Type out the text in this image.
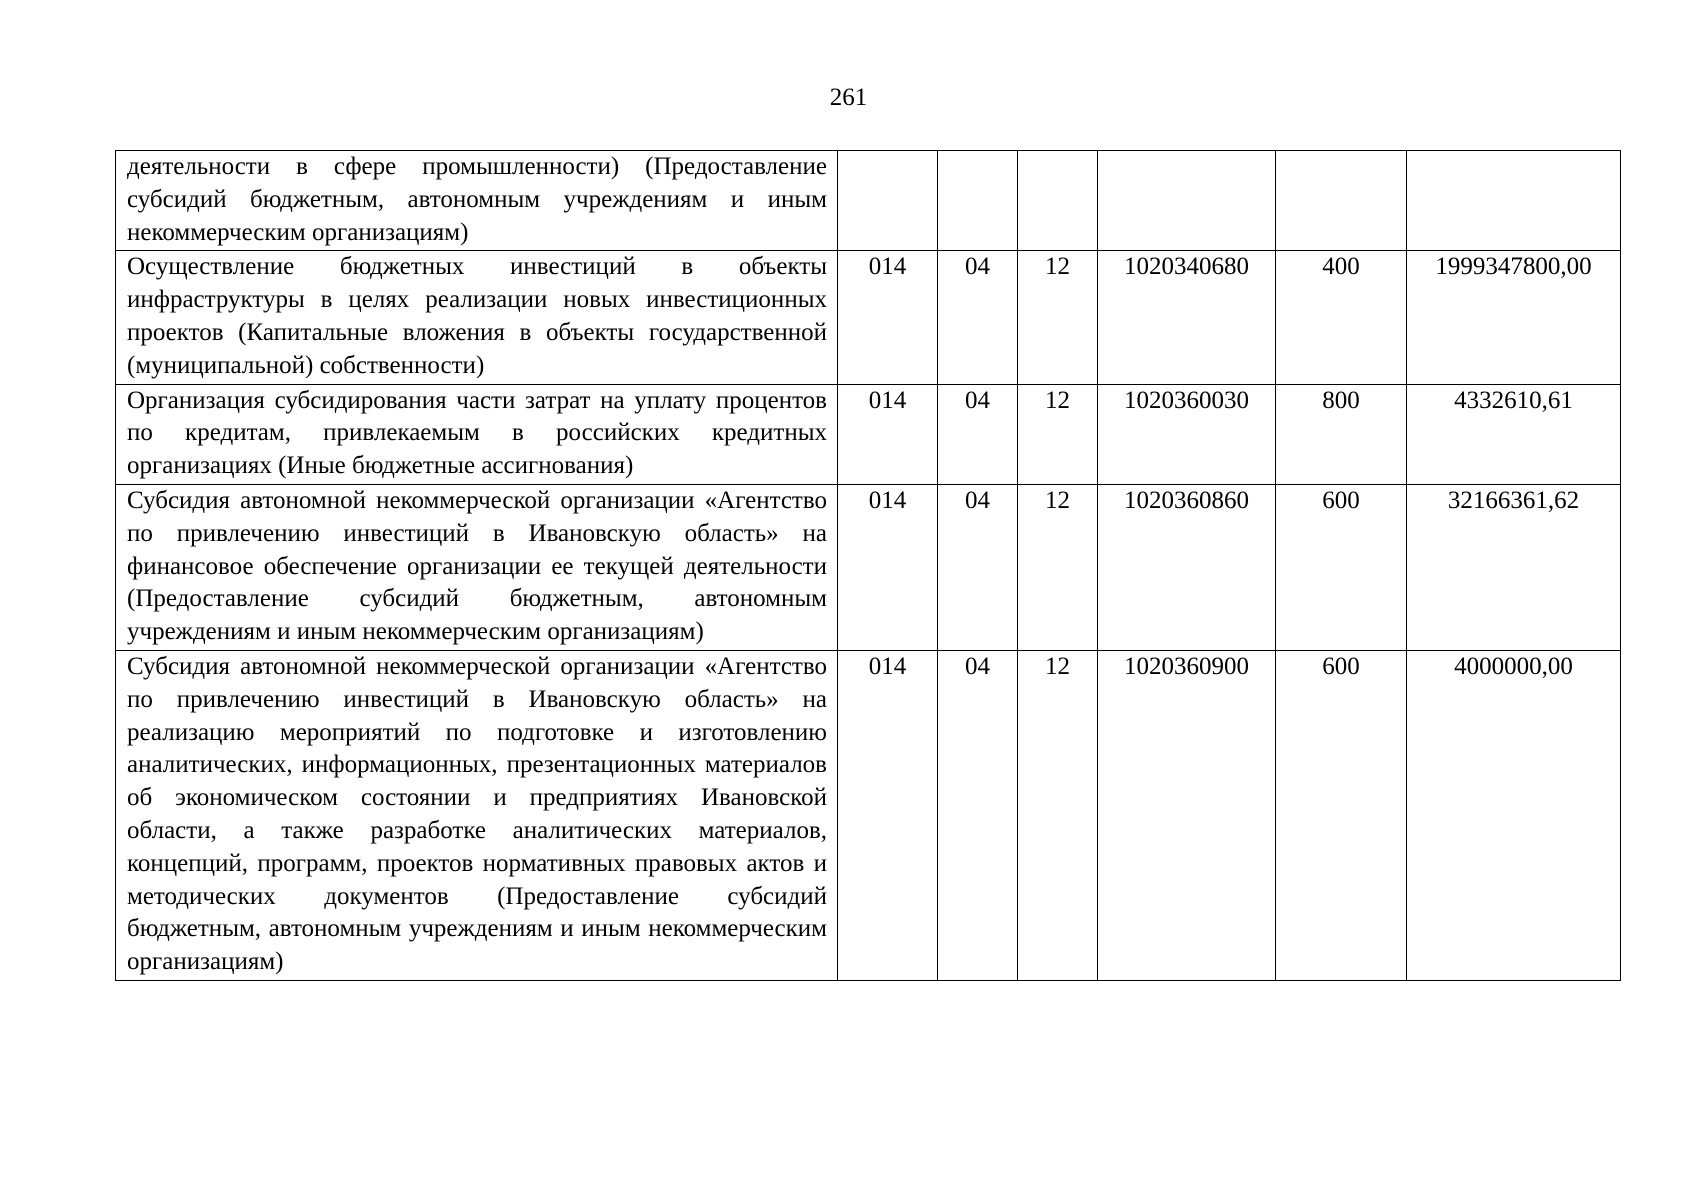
261
деятельности в сфере промышленности) (Предоставление субсидий бюджетным, автономным учреждениям и иным некоммерческим организациям)						
Осуществление бюджетных инвестиций в объекты инфраструктуры в целях реализации новых инвестиционных проектов (Капитальные вложения в объекты государственной (муниципальной) собственности)	014	04	12	1020340680	400	1999347800,00
Организация субсидирования части затрат на уплату процентов по кредитам, привлекаемым в российских кредитных организациях (Иные бюджетные ассигнования)	014	04	12	1020360030	800	4332610,61
Субсидия автономной некоммерческой организации «Агентство по привлечению инвестиций в Ивановскую область» на финансовое обеспечение организации ее текущей деятельности (Предоставление субсидий бюджетным, автономным учреждениям и иным некоммерческим организациям)	014	04	12	1020360860	600	32166361,62
Субсидия автономной некоммерческой организации «Агентство по привлечению инвестиций в Ивановскую область» на реализацию мероприятий по подготовке и изготовлению аналитических, информационных, презентационных материалов об экономическом состоянии и предприятиях Ивановской области, а также разработке аналитических материалов, концепций, программ, проектов нормативных правовых актов и методических документов (Предоставление субсидий бюджетным, автономным учреждениям и иным некоммерческим организациям)	014	04	12	1020360900	600	4000000,00
